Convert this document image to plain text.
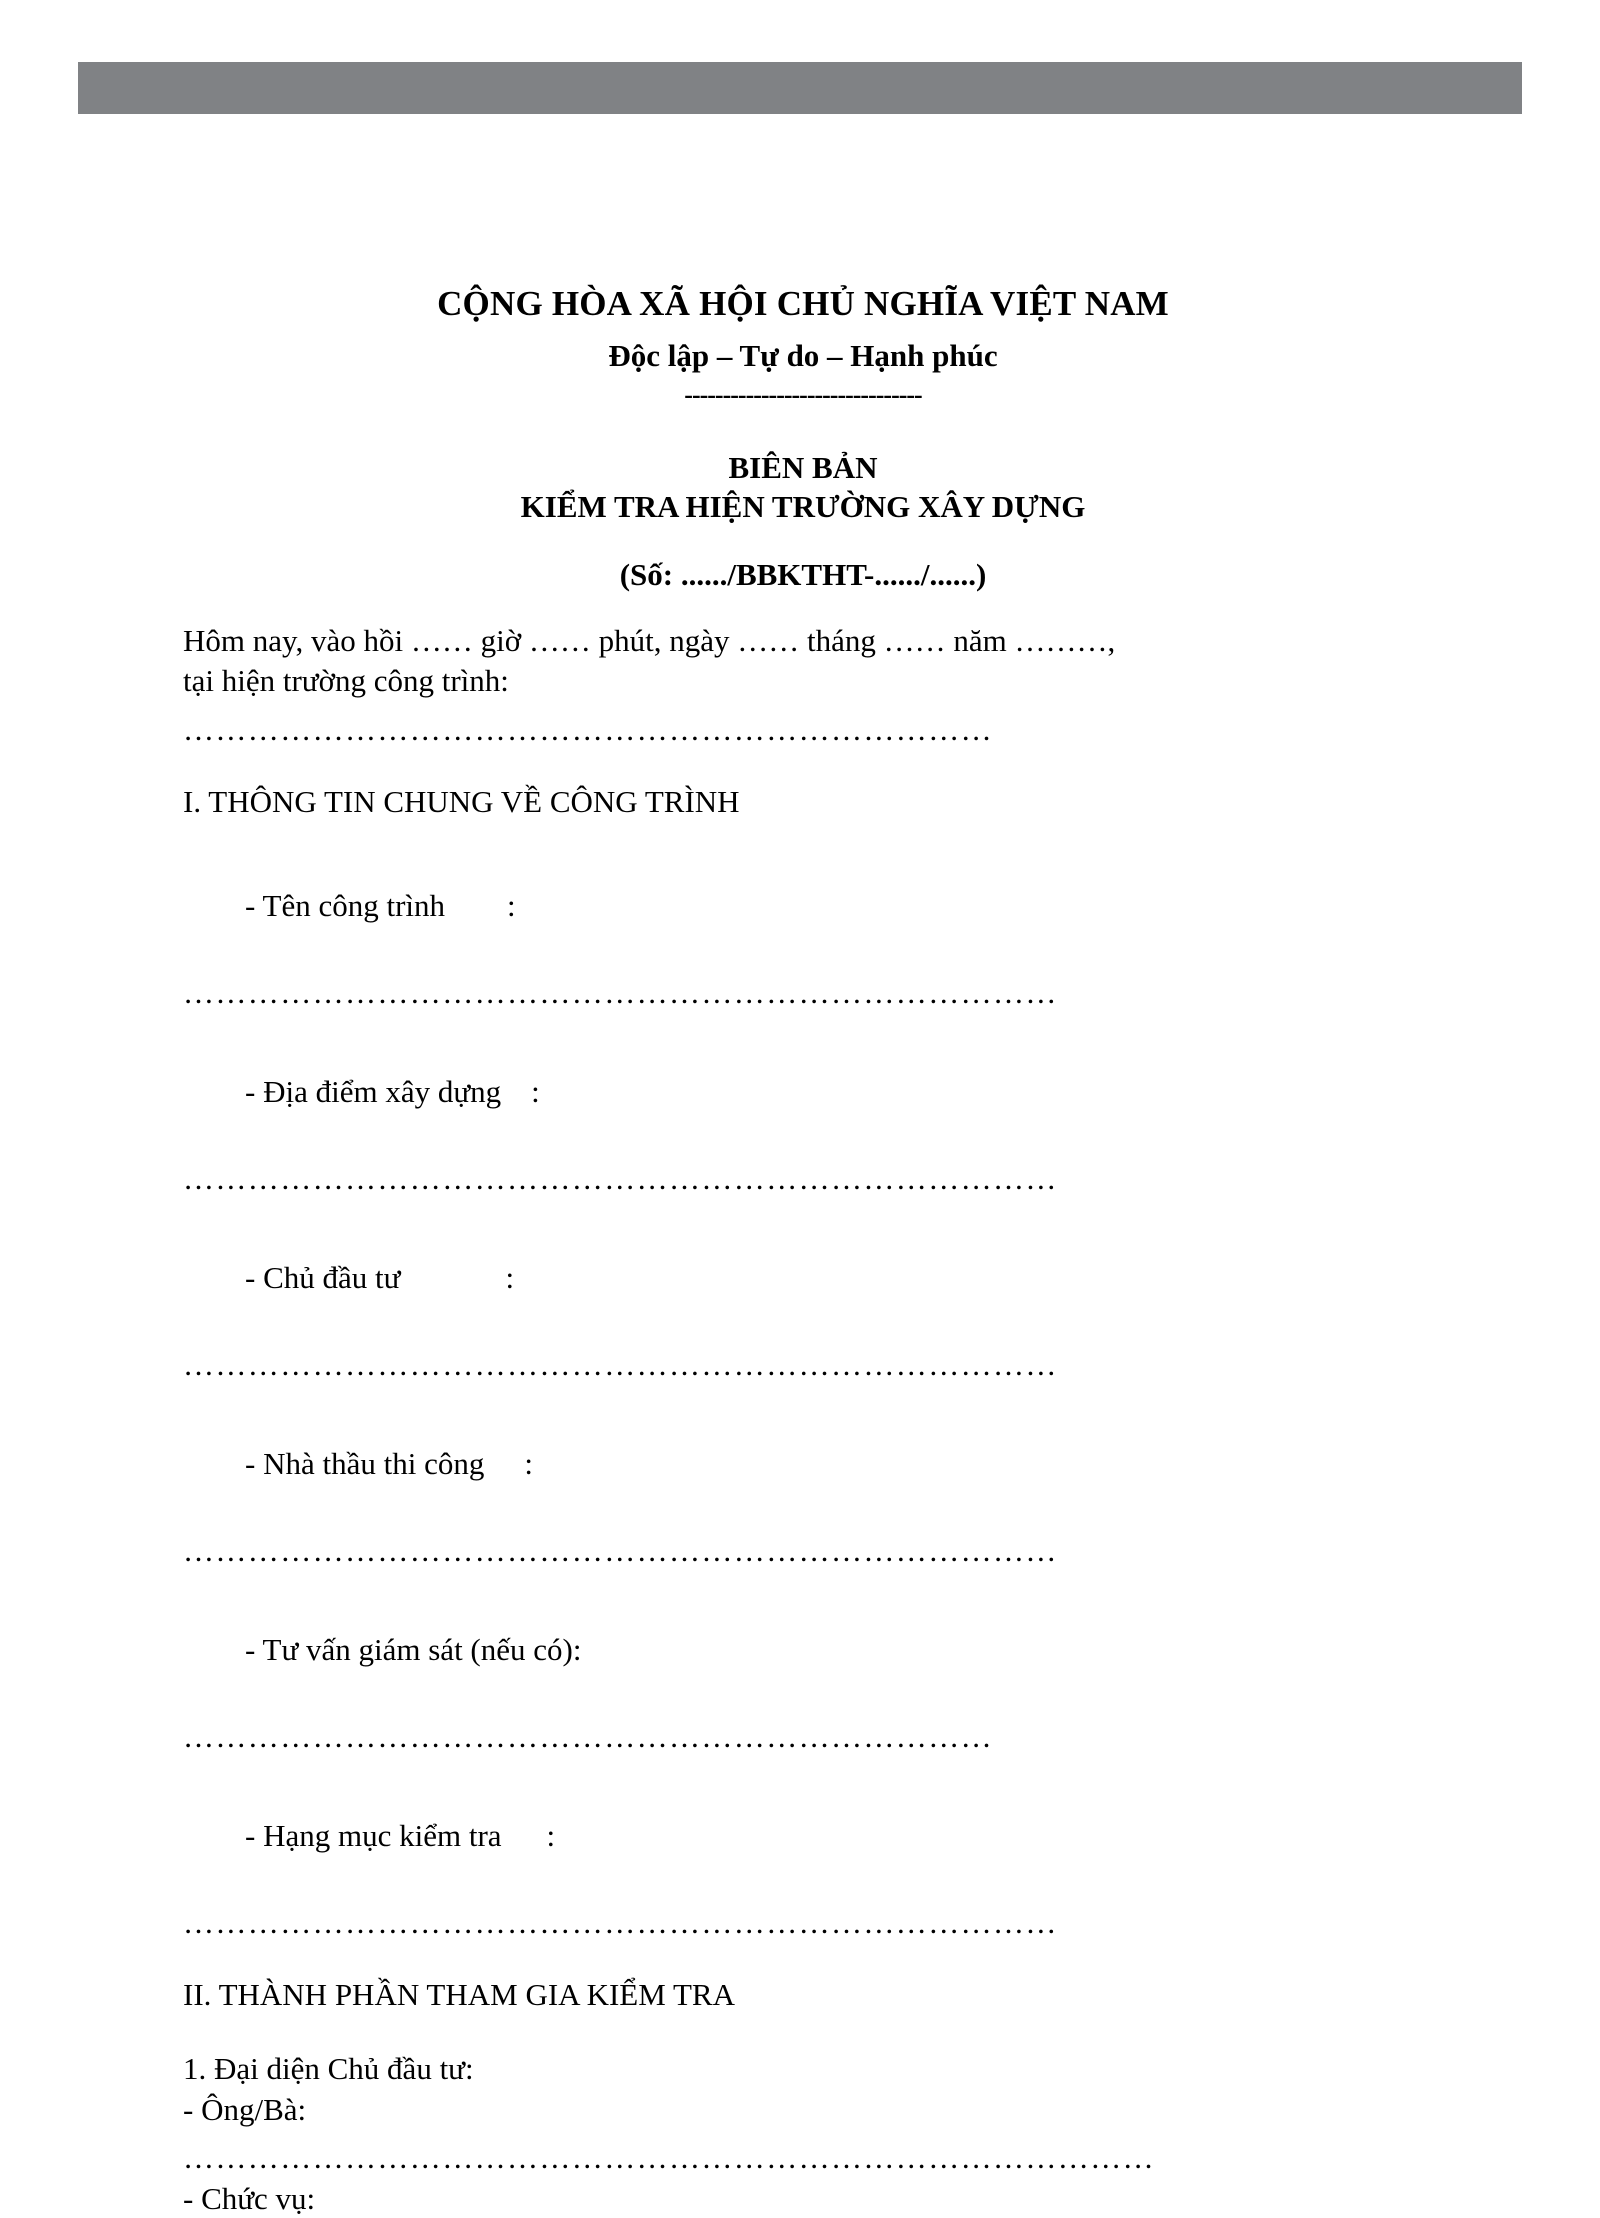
CỘNG HÒA XÃ HỘI CHỦ NGHĨA VIỆT NAM
Độc lập – Tự do – Hạnh phúc
-------------------------------
BIÊN BẢN
KIỂM TRA HIỆN TRƯỜNG XÂY DỰNG
(Số: ....../BBKTHT-....../......)
Hôm nay, vào hồi …… giờ …… phút, ngày …… tháng …… năm ………,
tại hiện trường công trình:
…………………………………………………………………
I. THÔNG TIN CHUNG VỀ CÔNG TRÌNH

- Tên công trình :

………………………………………………………………………

- Địa điểm xây dựng :

………………………………………………………………………

- Chủ đầu tư	:

………………………………………………………………………

- Nhà thầu thi công :

………………………………………………………………………

- Tư vấn giám sát (nếu có):

…………………………………………………………………

- Hạng mục kiểm tra :

………………………………………………………………………
II. THÀNH PHẦN THAM GIA KIỂM TRA
1. Đại diện Chủ đầu tư:
- Ông/Bà:
………………………………………………………………………………
- Chức vụ:
